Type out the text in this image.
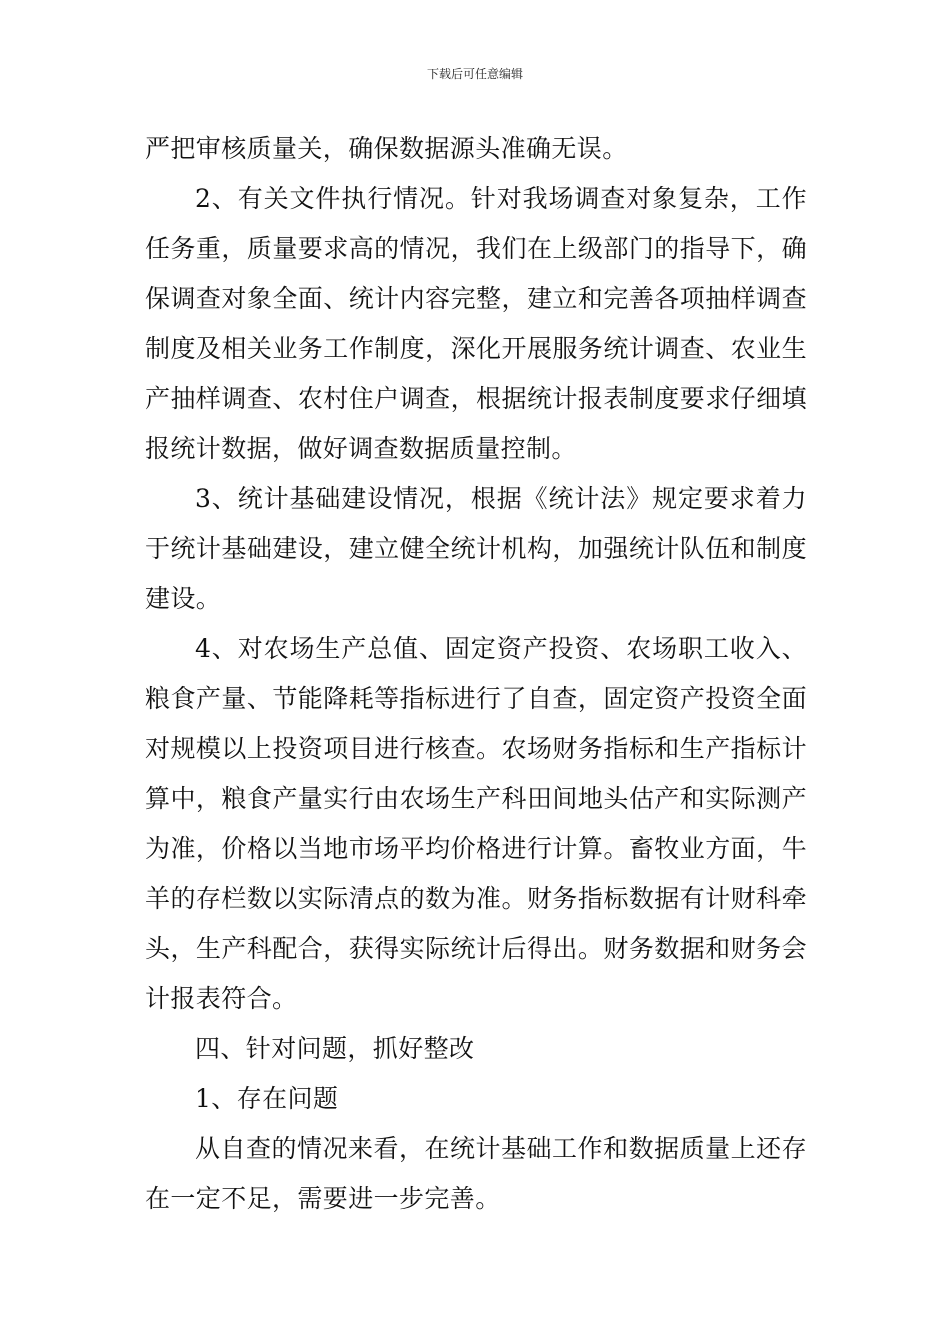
下载后可任意编辑

严把审核质量关，确保数据源头准确无误。

2、有关文件执行情况。针对我场调查对象复杂，工作任务重，质量要求高的情况，我们在上级部门的指导下，确保调查对象全面、统计内容完整，建立和完善各项抽样调查制度及相关业务工作制度，深化开展服务统计调查、农业生产抽样调查、农村住户调查，根据统计报表制度要求仔细填报统计数据，做好调查数据质量控制。

3、统计基础建设情况，根据《统计法》规定要求着力于统计基础建设，建立健全统计机构，加强统计队伍和制度建设。

4、对农场生产总值、固定资产投资、农场职工收入、粮食产量、节能降耗等指标进行了自查，固定资产投资全面对规模以上投资项目进行核查。农场财务指标和生产指标计算中，粮食产量实行由农场生产科田间地头估产和实际测产为准，价格以当地市场平均价格进行计算。畜牧业方面，牛羊的存栏数以实际清点的数为准。财务指标数据有计财科牵头，生产科配合，获得实际统计后得出。财务数据和财务会计报表符合。

四、针对问题，抓好整改

1、存在问题

从自查的情况来看，在统计基础工作和数据质量上还存在一定不足，需要进一步完善。
